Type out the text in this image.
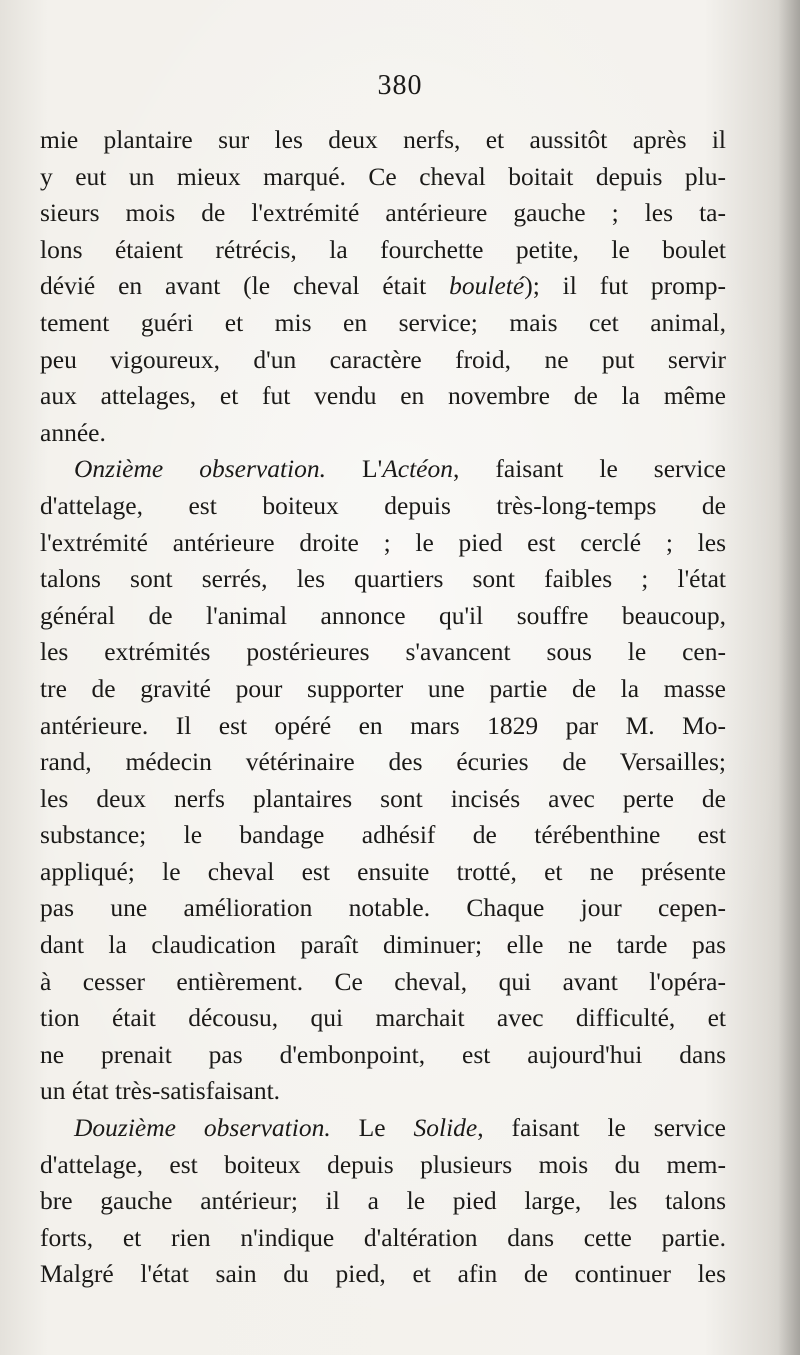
380
mie plantaire sur les deux nerfs, et aussitôt après il
y eut un mieux marqué. Ce cheval boitait depuis plu-
sieurs mois de l'extrémité antérieure gauche ; les ta-
lons étaient rétrécis, la fourchette petite, le boulet
dévié en avant (le cheval était bouleté); il fut promp-
tement guéri et mis en service; mais cet animal,
peu vigoureux, d'un caractère froid, ne put servir
aux attelages, et fut vendu en novembre de la même
année.
Onzième observation. L'Actéon, faisant le service
d'attelage, est boiteux depuis très-long-temps de
l'extrémité antérieure droite ; le pied est cerclé ; les
talons sont serrés, les quartiers sont faibles ; l'état
général de l'animal annonce qu'il souffre beaucoup,
les extrémités postérieures s'avancent sous le cen-
tre de gravité pour supporter une partie de la masse
antérieure. Il est opéré en mars 1829 par M. Mo-
rand, médecin vétérinaire des écuries de Versailles;
les deux nerfs plantaires sont incisés avec perte de
substance; le bandage adhésif de térébenthine est
appliqué; le cheval est ensuite trotté, et ne présente
pas une amélioration notable. Chaque jour cepen-
dant la claudication paraît diminuer; elle ne tarde pas
à cesser entièrement. Ce cheval, qui avant l'opéra-
tion était décousu, qui marchait avec difficulté, et
ne prenait pas d'embonpoint, est aujourd'hui dans
un état très-satisfaisant.
Douzième observation. Le Solide, faisant le service
d'attelage, est boiteux depuis plusieurs mois du mem-
bre gauche antérieur; il a le pied large, les talons
forts, et rien n'indique d'altération dans cette partie.
Malgré l'état sain du pied, et afin de continuer les
